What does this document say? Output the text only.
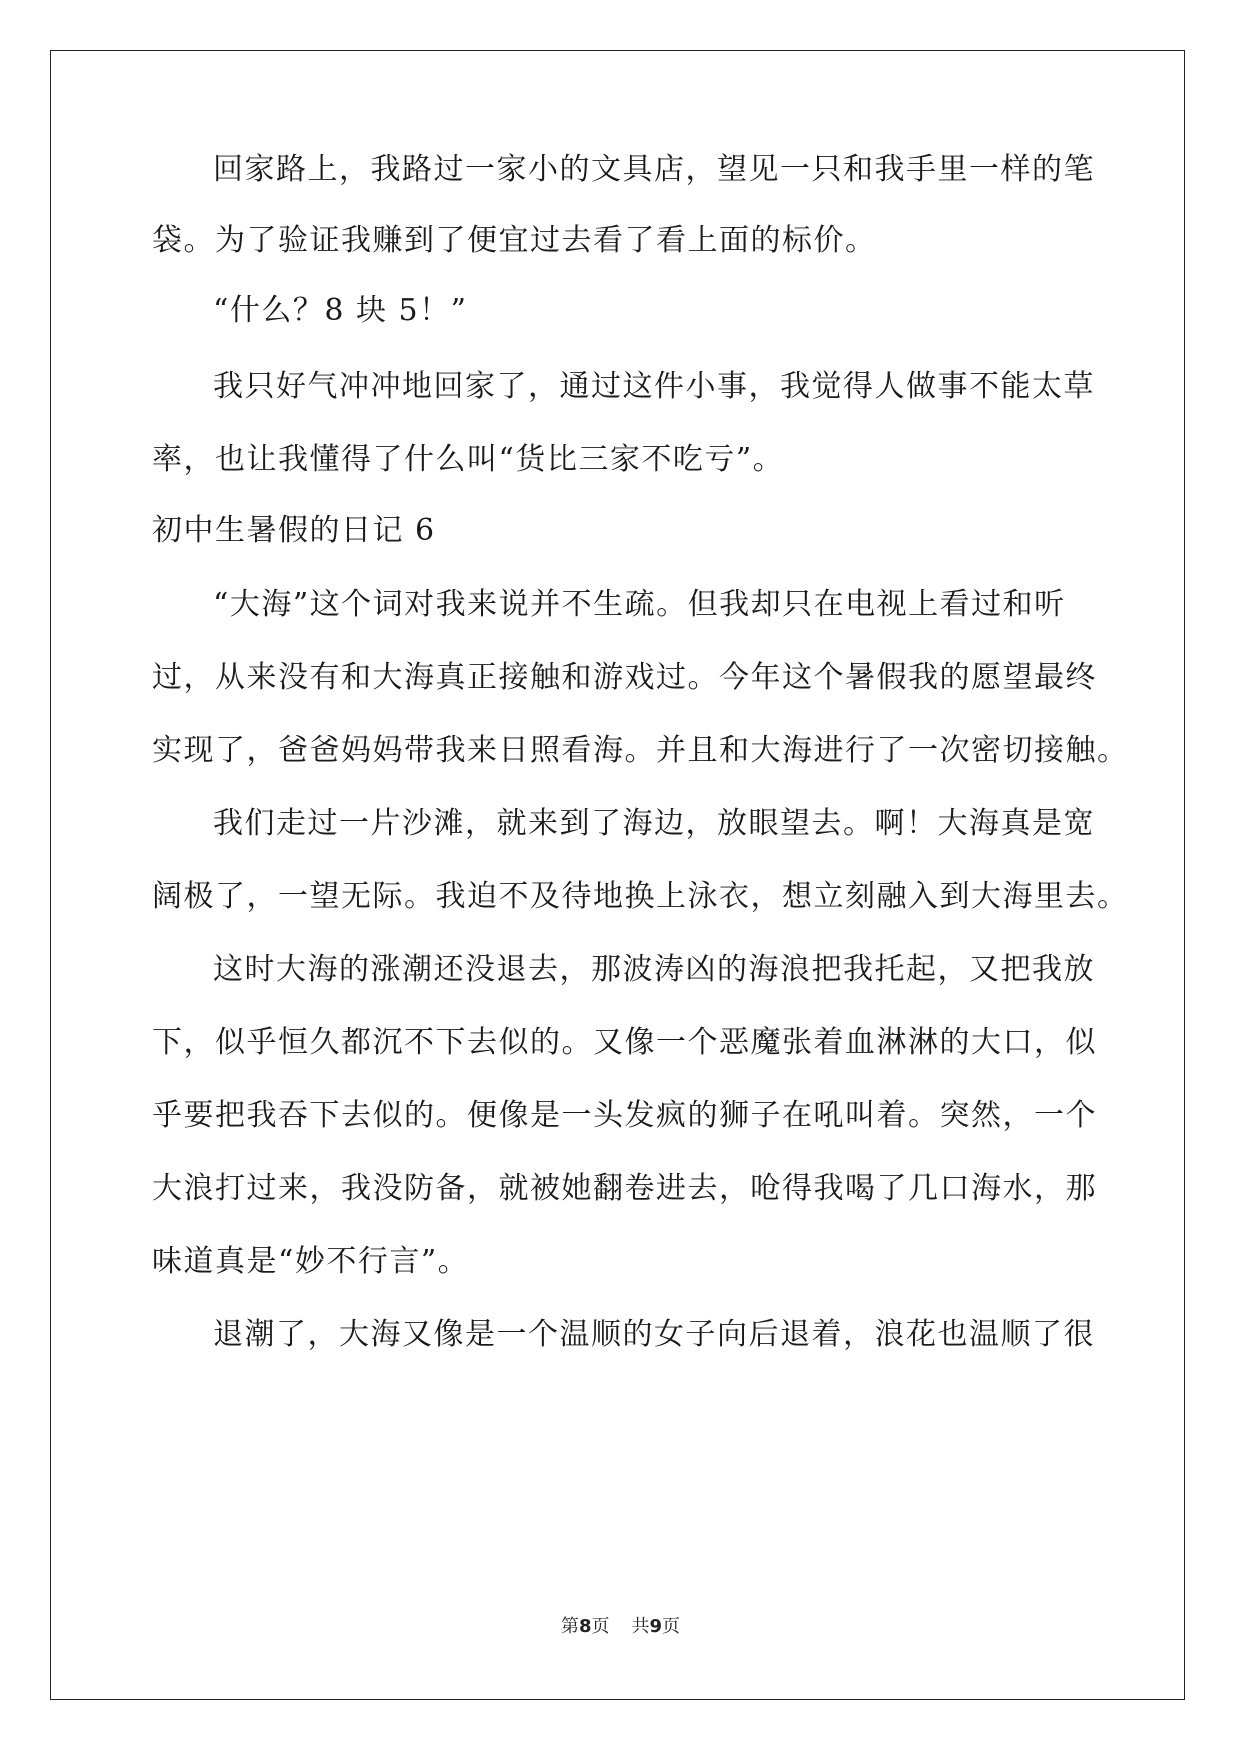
回家路上，我路过一家小的文具店，望见一只和我手里一样的笔
袋。为了验证我赚到了便宜过去看了看上面的标价。
“什么？8 块 5！”
我只好气冲冲地回家了，通过这件小事，我觉得人做事不能太草
率，也让我懂得了什么叫“货比三家不吃亏”。
初中生暑假的日记 6
“大海”这个词对我来说并不生疏。但我却只在电视上看过和听
过，从来没有和大海真正接触和游戏过。今年这个暑假我的愿望最终
实现了，爸爸妈妈带我来日照看海。并且和大海进行了一次密切接触。
我们走过一片沙滩，就来到了海边，放眼望去。啊！大海真是宽
阔极了，一望无际。我迫不及待地换上泳衣，想立刻融入到大海里去。
这时大海的涨潮还没退去，那波涛凶的海浪把我托起，又把我放
下，似乎恒久都沉不下去似的。又像一个恶魔张着血淋淋的大口，似
乎要把我吞下去似的。便像是一头发疯的狮子在吼叫着。突然，一个
大浪打过来，我没防备，就被她翻卷进去，呛得我喝了几口海水，那
味道真是“妙不行言”。
退潮了，大海又像是一个温顺的女子向后退着，浪花也温顺了很
第8页 共9页
